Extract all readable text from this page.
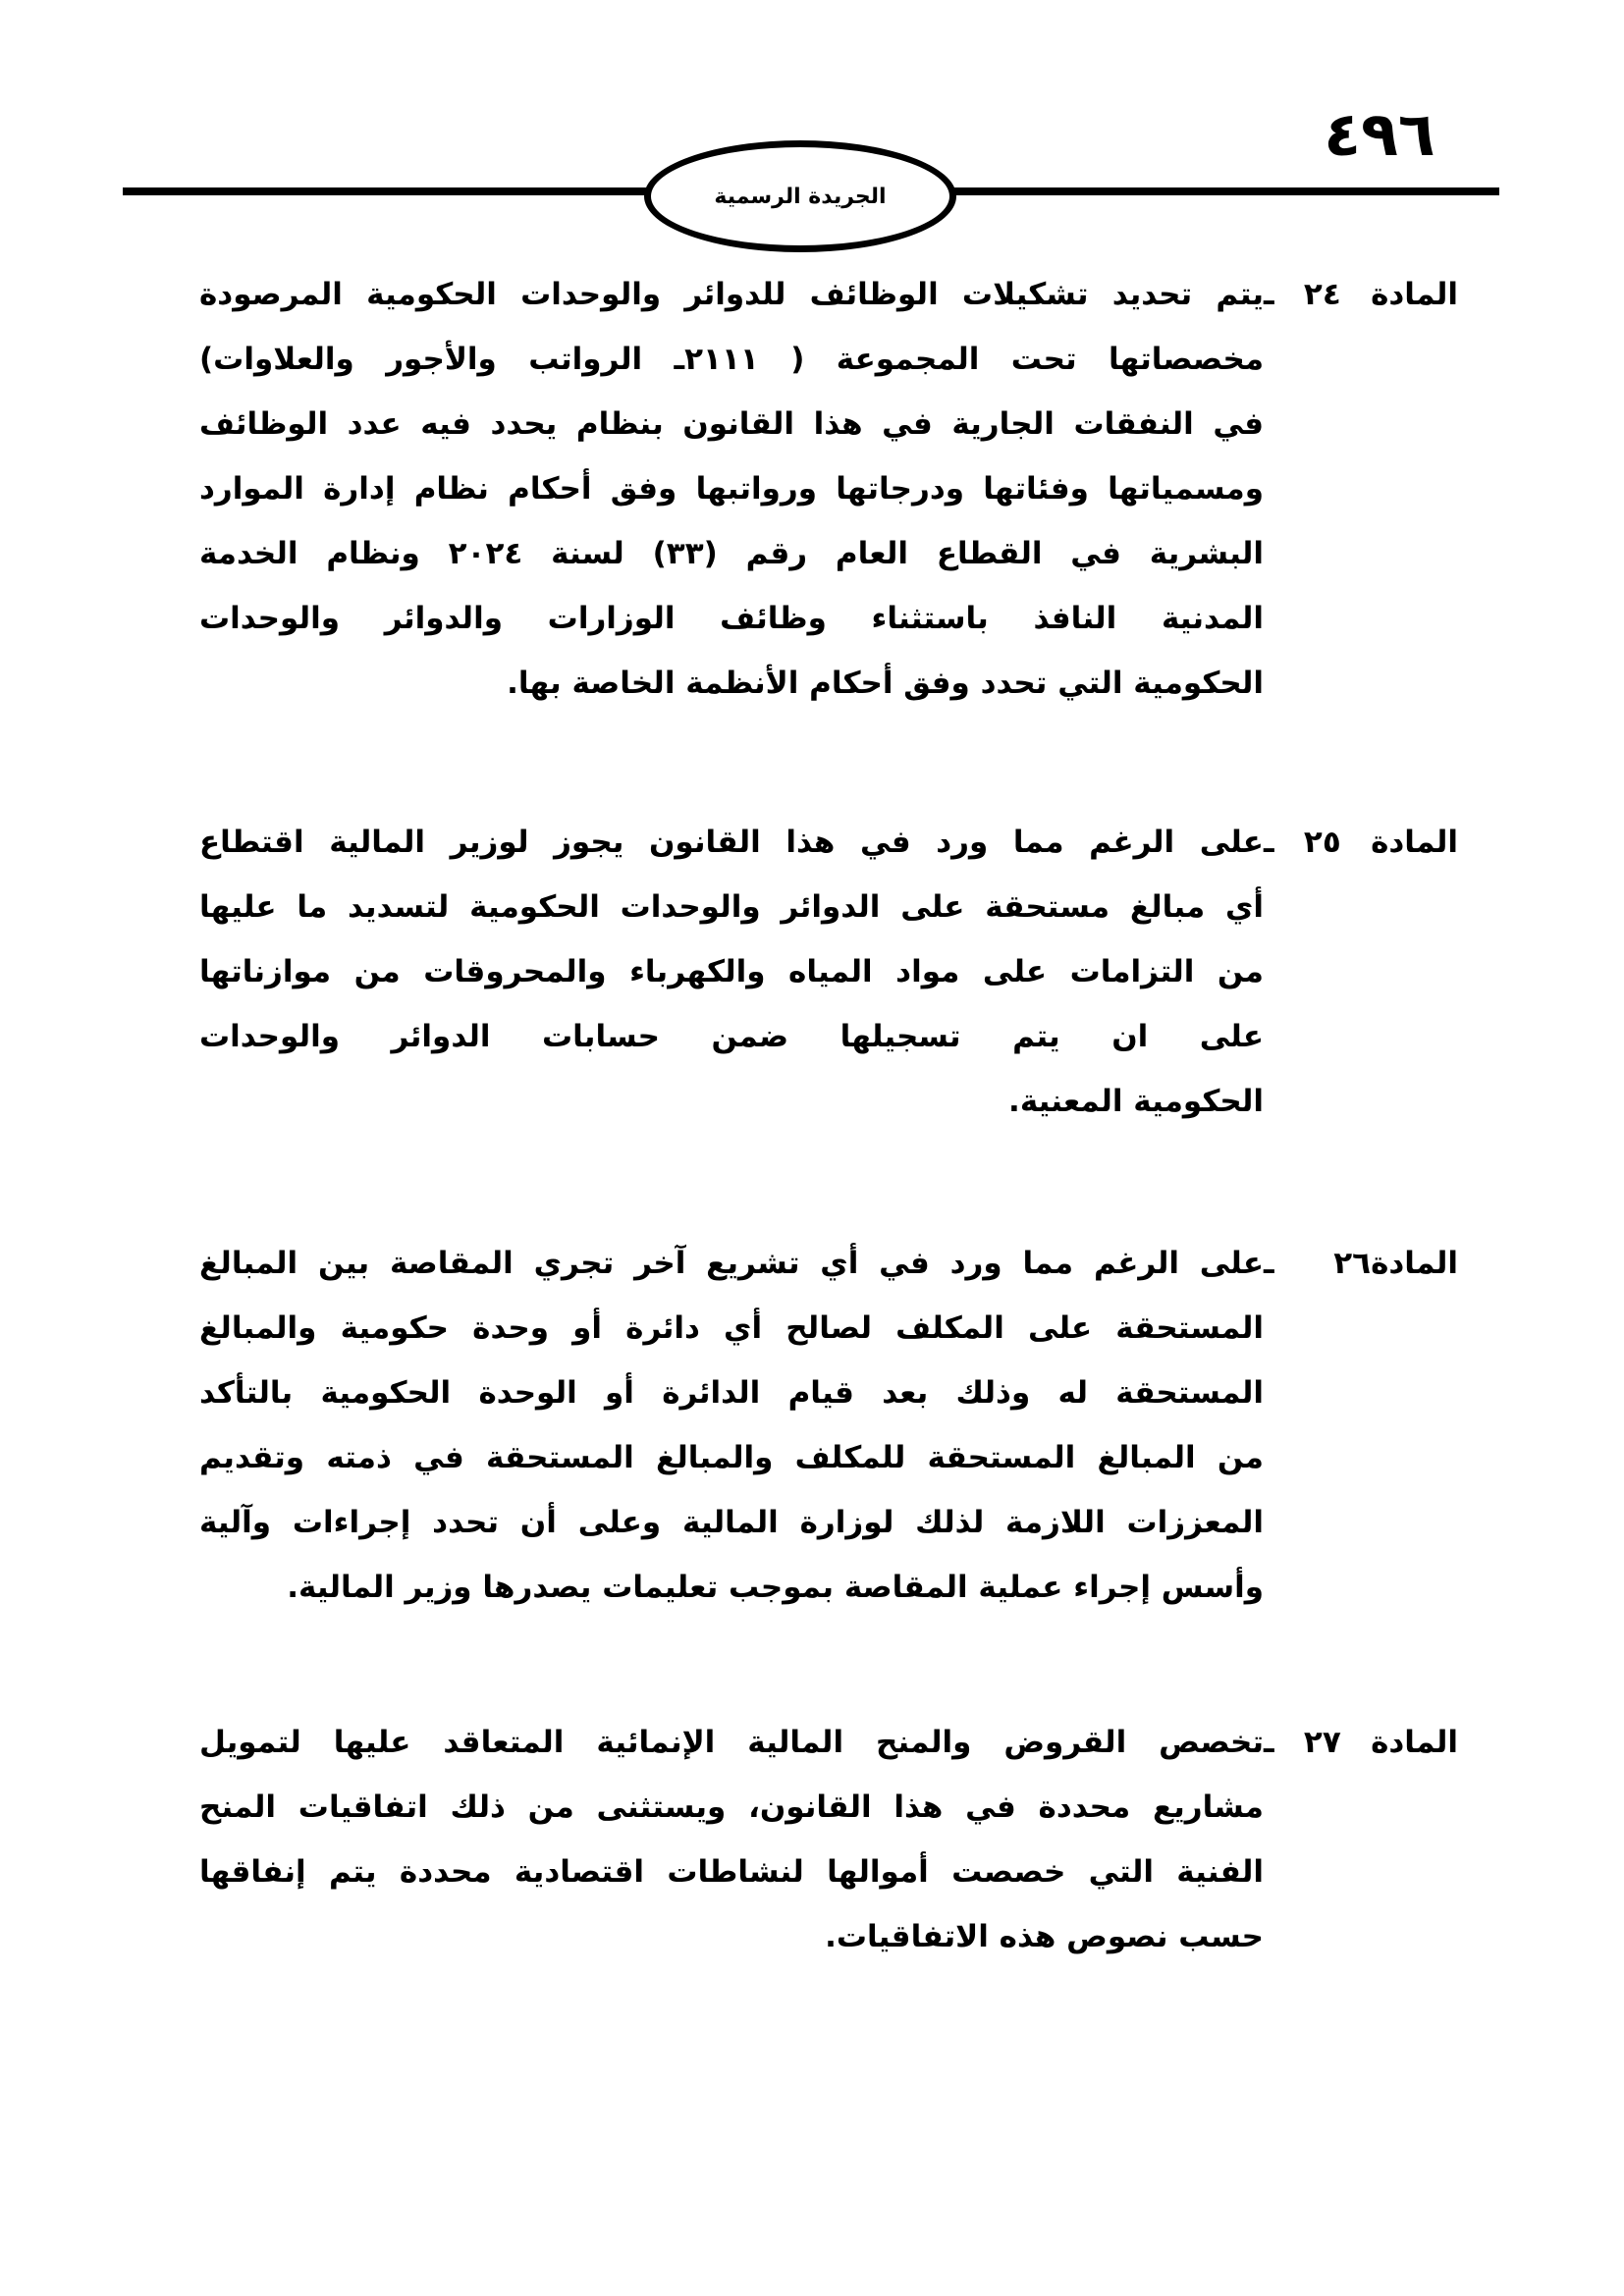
٤٩٦
الجريدة الرسمية
المادة ٢٤ ـ
يتم تحديد تشكيلات الوظائف للدوائر والوحدات الحكومية المرصودة
مخصصاتها تحت المجموعة ( ٢١١١ـ الرواتب والأجور والعلاوات)
في النفقات الجارية في هذا القانون بنظام يحدد فيه عدد الوظائف
ومسمياتها وفئاتها ودرجاتها ورواتبها وفق أحكام نظام إدارة الموارد
البشرية في القطاع العام رقم (٣٣) لسنة ٢٠٢٤ ونظام الخدمة
المدنية النافذ باستثناء وظائف الوزارات والدوائر والوحدات
الحكومية التي تحدد وفق أحكام الأنظمة الخاصة بها.
المادة ٢٥ ـ
على الرغم مما ورد في هذا القانون يجوز لوزير المالية اقتطاع
أي مبالغ مستحقة على الدوائر والوحدات الحكومية لتسديد ما عليها
من التزامات على مواد المياه والكهرباء والمحروقات من موازناتها
على ان يتم تسجيلها ضمن حسابات الدوائر والوحدات
الحكومية المعنية.
المادة٢٦ ـ
على الرغم مما ورد في أي تشريع آخر تجري المقاصة بين المبالغ
المستحقة على المكلف لصالح أي دائرة أو وحدة حكومية والمبالغ
المستحقة له وذلك بعد قيام الدائرة أو الوحدة الحكومية بالتأكد
من المبالغ المستحقة للمكلف والمبالغ المستحقة في ذمته وتقديم
المعززات اللازمة لذلك لوزارة المالية وعلى أن تحدد إجراءات وآلية
وأسس إجراء عملية المقاصة بموجب تعليمات يصدرها وزير المالية.
المادة ٢٧ ـ
تخصص القروض والمنح المالية الإنمائية المتعاقد عليها لتمويل
مشاريع محددة في هذا القانون، ويستثنى من ذلك اتفاقيات المنح
الفنية التي خصصت أموالها لنشاطات اقتصادية محددة يتم إنفاقها
حسب نصوص هذه الاتفاقيات.
